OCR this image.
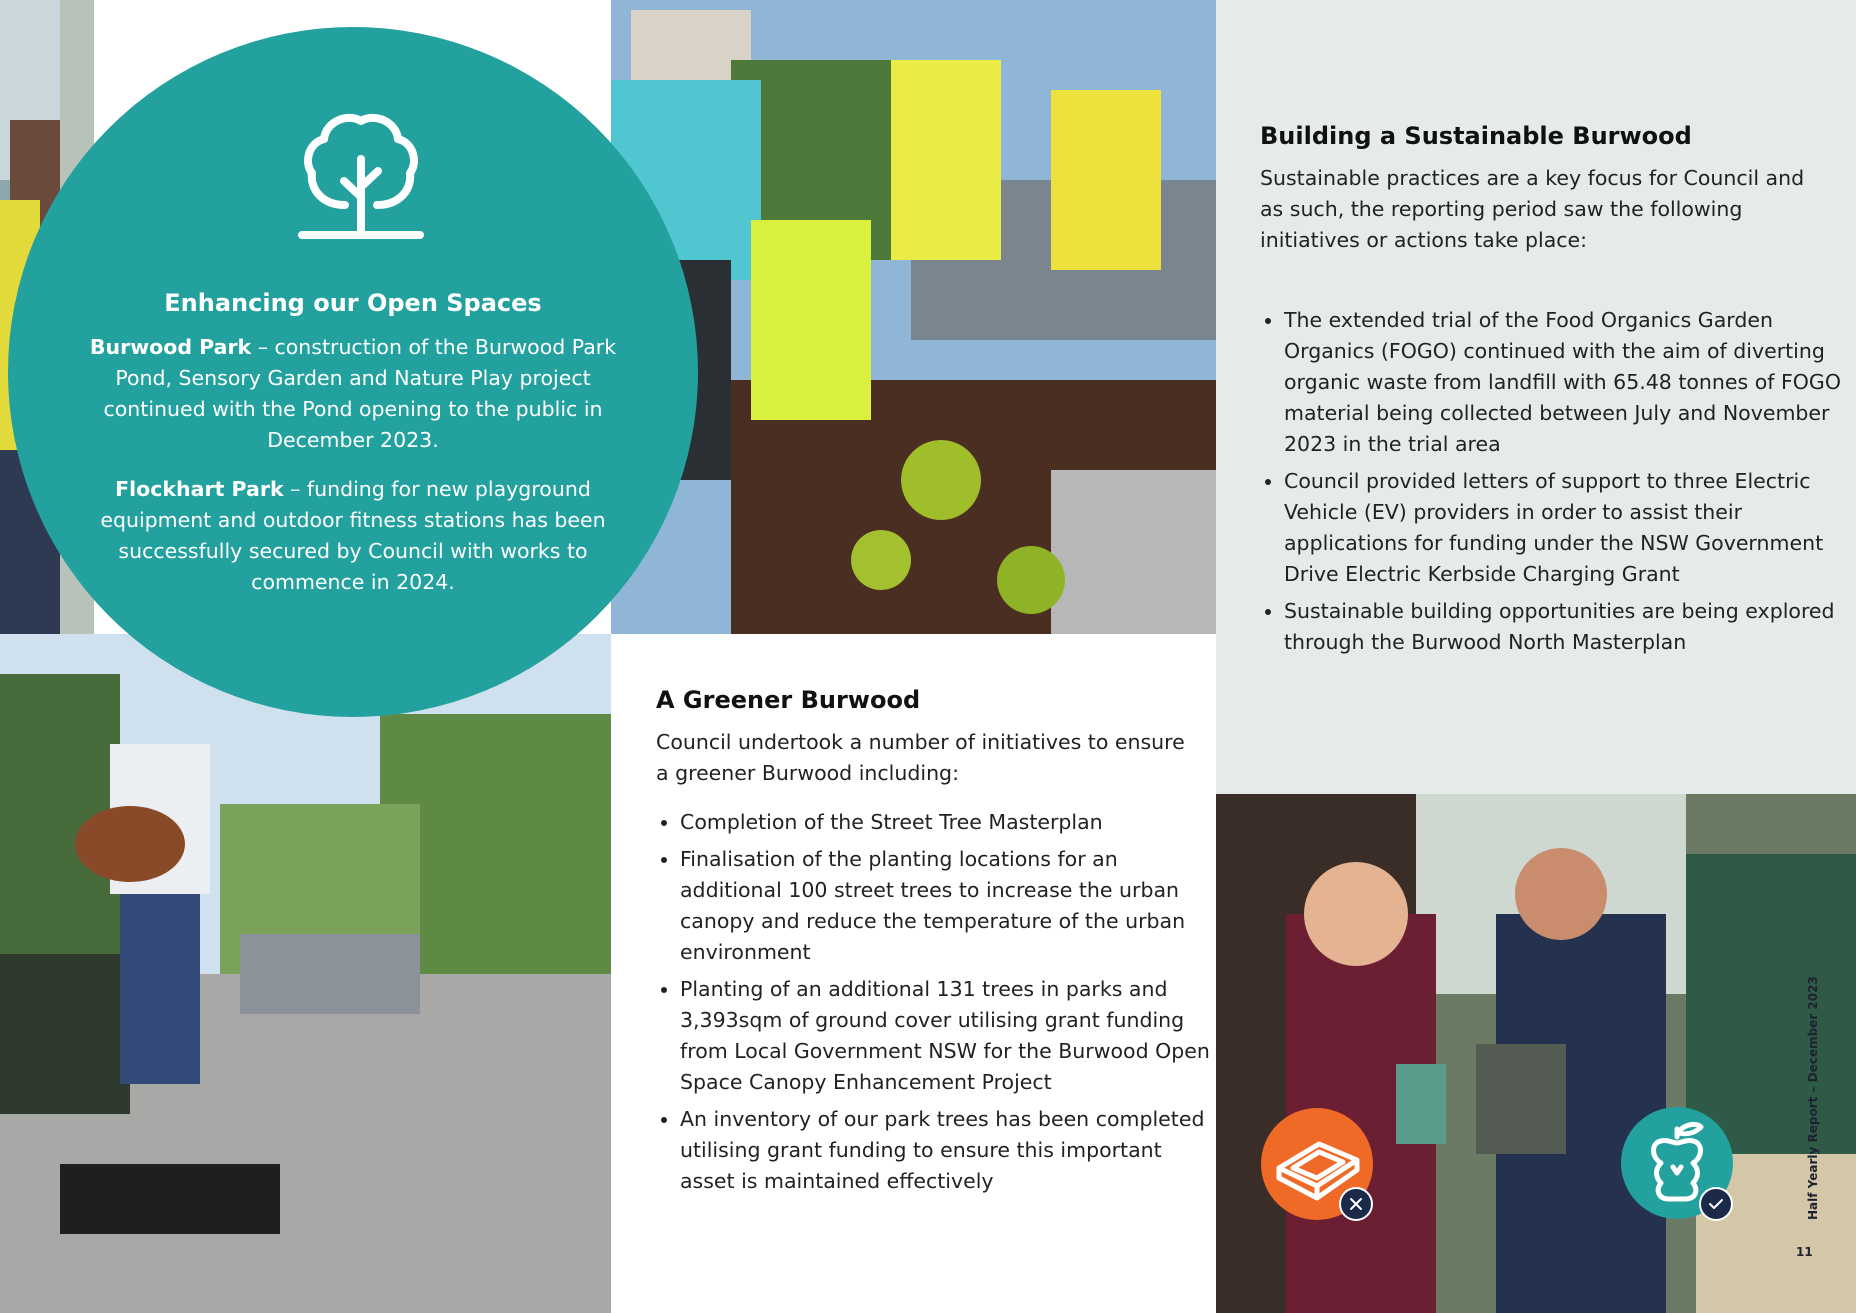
Enhancing our Open Spaces

Burwood Park – construction of the Burwood Park Pond, Sensory Garden and Nature Play project continued with the Pond opening to the public in December 2023.

Flockhart Park – funding for new playground equipment and outdoor fitness stations has been successfully secured by Council with works to commence in 2024.

A Greener Burwood

Council undertook a number of initiatives to ensure a greener Burwood including:

• Completion of the Street Tree Masterplan
• Finalisation of the planting locations for an additional 100 street trees to increase the urban canopy and reduce the temperature of the urban environment
• Planting of an additional 131 trees in parks and 3,393sqm of ground cover utilising grant funding from Local Government NSW for the Burwood Open Space Canopy Enhancement Project
• An inventory of our park trees has been completed utilising grant funding to ensure this important asset is maintained effectively
Building a Sustainable Burwood

Sustainable practices are a key focus for Council and as such, the reporting period saw the following initiatives or actions take place:

• The extended trial of the Food Organics Garden Organics (FOGO) continued with the aim of diverting organic waste from landfill with 65.48 tonnes of FOGO material being collected between July and November 2023 in the trial area
• Council provided letters of support to three Electric Vehicle (EV) providers in order to assist their applications for funding under the NSW Government Drive Electric Kerbside Charging Grant
• Sustainable building opportunities are being explored through the Burwood North Masterplan
Half Yearly Report – December 2023
11
